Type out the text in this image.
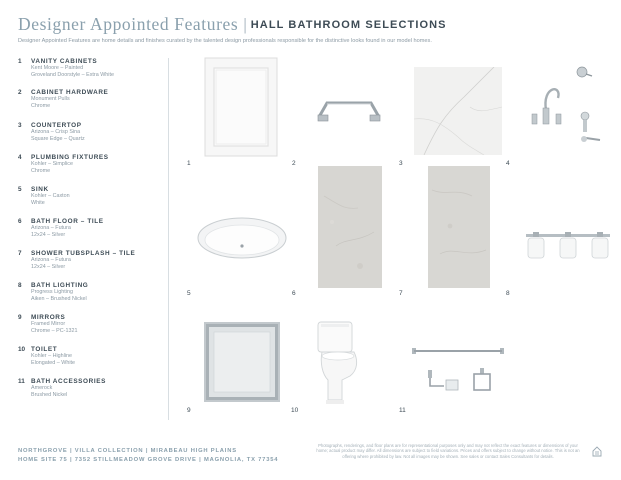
Designer Appointed Features | HALL BATHROOM SELECTIONS
Designer Appointed Features are home details and finishes curated by the talented design professionals responsible for the distinctive looks found in our model homes.
1	VANITY CABINETS
Kent Moore – Painted
Groveland Doorstyle – Extra White
2	CABINET HARDWARE
Monument Pulls
Chrome
3	COUNTERTOP
Arizona – Crisp Sina
Square Edge – Quartz
4	PLUMBING FIXTURES
Kohler – Simplice
Chrome
5	SINK
Kohler – Caxton
White
6	BATH FLOOR – TILE
Arizona – Futura
12x24 – Silver
7	SHOWER TUBSPLASH – TILE
Arizona – Futura
12x24 – Silver
8	BATH LIGHTING
Progress Lighting
Aiken – Brushed Nickel
9	MIRRORS
Framed Mirror
Chrome – PC-1321
10 TOILET
Kohler – Highline
Elongated – White
11 BATH ACCESSORIES
Amerock
Brushed Nickel
1	2	3	4
5	6	7	8
9	10	11
NORTHGROVE | VILLA COLLECTION | MIRABEAU HIGH PLAINS
HOME SITE 75 | 7352 STILLMEADOW GROVE DRIVE | MAGNOLIA, TX 77354
Photographs, renderings, and floor plans are for representational purposes only and may not reflect the exact features or dimensions of your home; actual product may differ. All dimensions are subject to field variations. Prices and offers subject to change without notice. This is not an offering where prohibited by law. Not all images may be shown. See sales or contact Sales Consultants for details.
